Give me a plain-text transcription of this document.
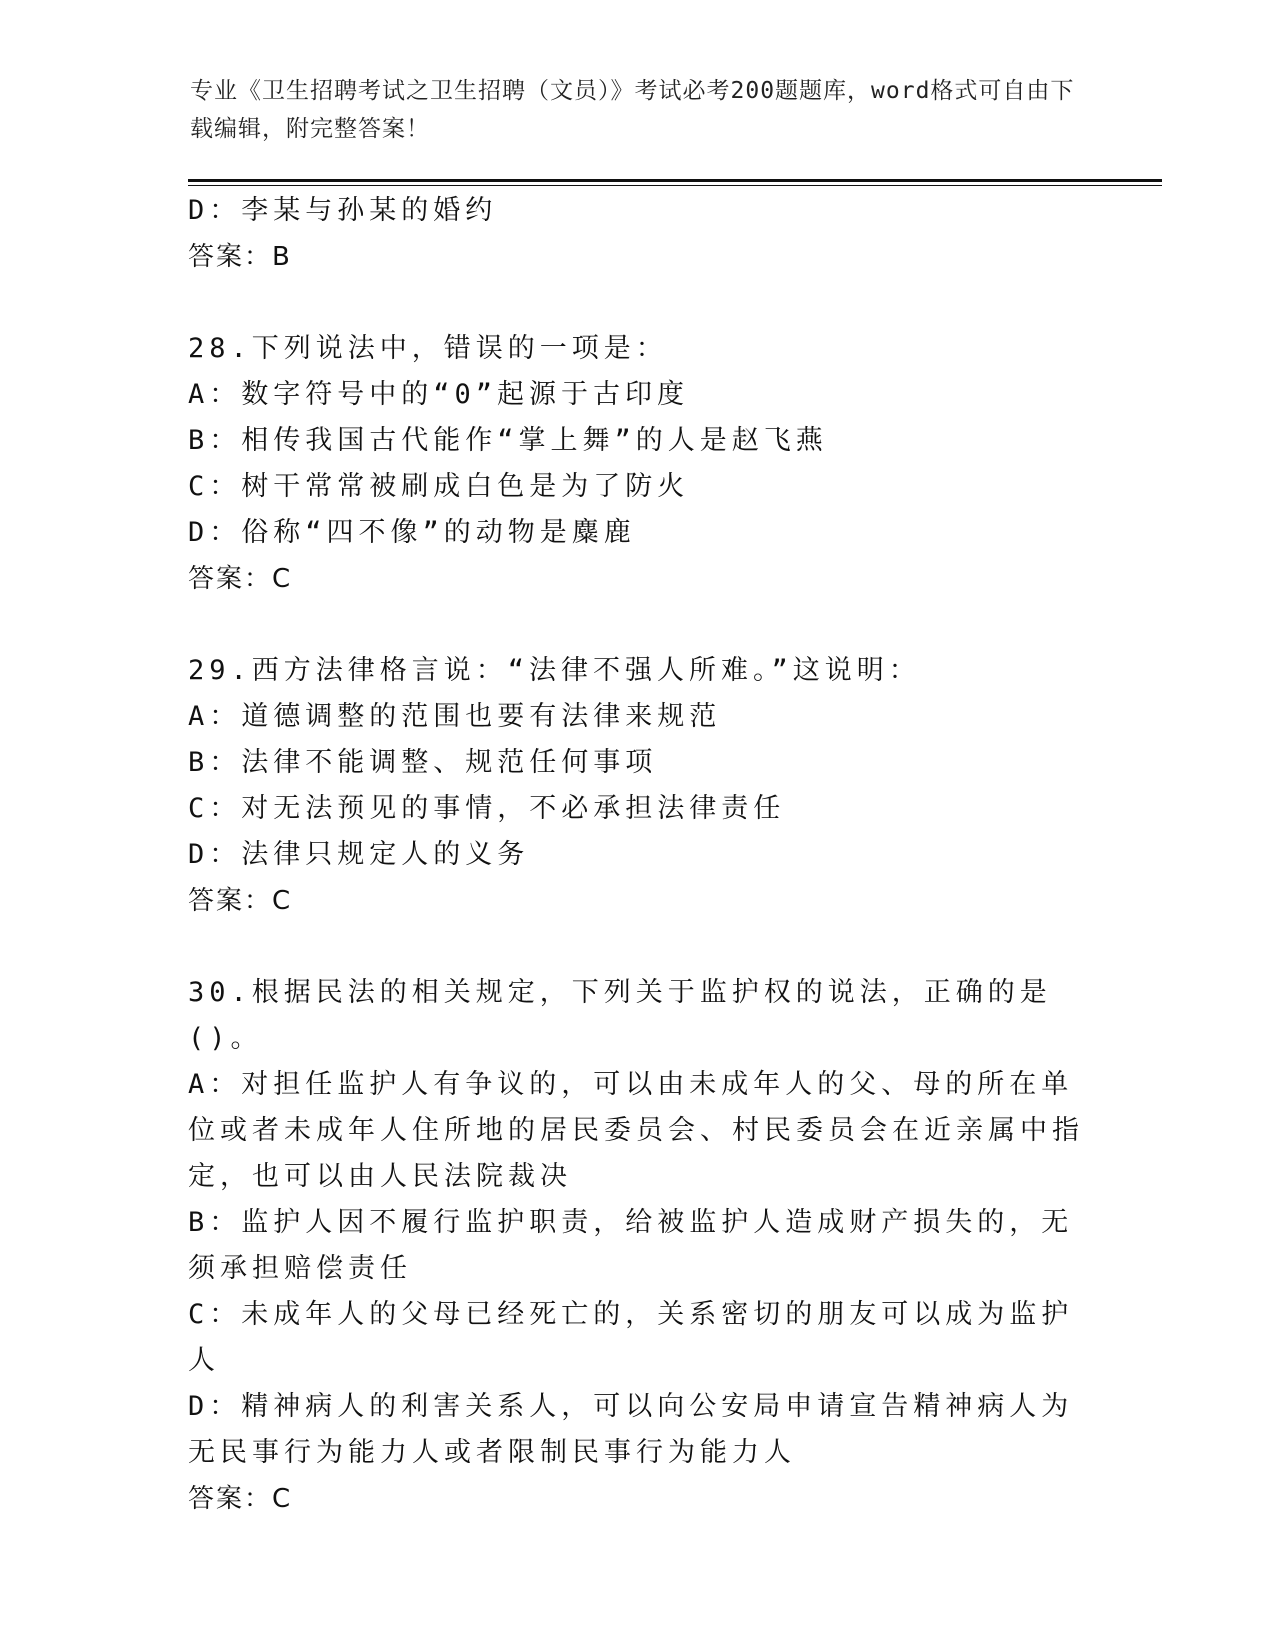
专业《卫生招聘考试之卫生招聘（文员）》考试必考200题题库，word格式可自由下载编辑，附完整答案！
D：李某与孙某的婚约
答案：B
28.下列说法中，错误的一项是：
A：数字符号中的“0”起源于古印度
B：相传我国古代能作“掌上舞”的人是赵飞燕
C：树干常常被刷成白色是为了防火
D：俗称“四不像”的动物是麋鹿
答案：C
29.西方法律格言说：“法律不强人所难。”这说明：
A：道德调整的范围也要有法律来规范
B：法律不能调整、规范任何事项
C：对无法预见的事情，不必承担法律责任
D：法律只规定人的义务
答案：C
30.根据民法的相关规定，下列关于监护权的说法，正确的是()。
A：对担任监护人有争议的，可以由未成年人的父、母的所在单位或者未成年人住所地的居民委员会、村民委员会在近亲属中指定，也可以由人民法院裁决
B：监护人因不履行监护职责，给被监护人造成财产损失的，无须承担赔偿责任
C：未成年人的父母已经死亡的，关系密切的朋友可以成为监护人
D：精神病人的利害关系人，可以向公安局申请宣告精神病人为无民事行为能力人或者限制民事行为能力人
答案：C
